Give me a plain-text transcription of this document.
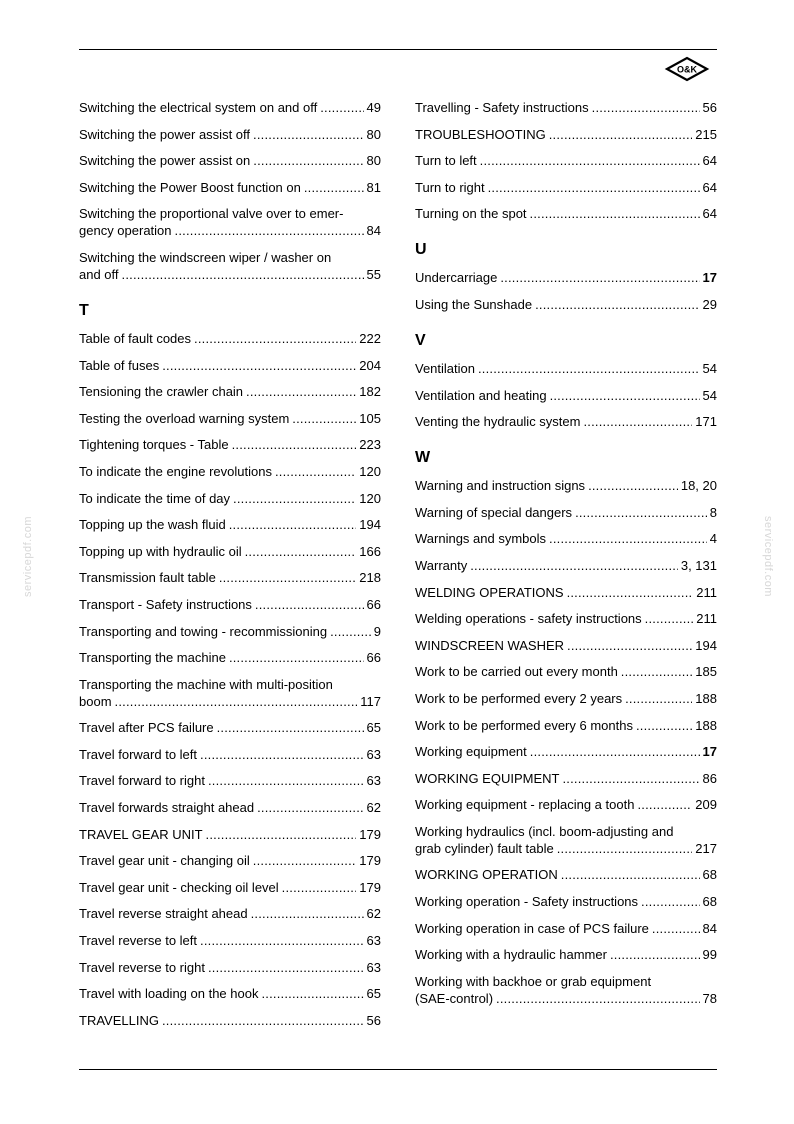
O&K
servicepdf.com	servicepdf.com
Switching the electrical system on and off .....	49
Switching the power assist off .....	80
Switching the power assist on .....	80
Switching the Power Boost function on .....	81
Switching the proportional valve over to emer-
gency operation .....	84
Switching the windscreen wiper / washer on
and off .....	55
T
Table of fault codes .....	222
Table of fuses .....	204
Tensioning the crawler chain .....	182
Testing the overload warning system .....	105
Tightening torques - Table .....	223
To indicate the engine revolutions .....	120
To indicate the time of day .....	120
Topping up the wash fluid .....	194
Topping up with hydraulic oil .....	166
Transmission fault table .....	218
Transport - Safety instructions .....	66
Transporting and towing - recommissioning .....	9
Transporting the machine .....	66
Transporting the machine with multi-position
boom .....	117
Travel after PCS failure .....	65
Travel forward to left .....	63
Travel forward to right .....	63
Travel forwards straight ahead .....	62
TRAVEL GEAR UNIT .....	179
Travel gear unit - changing oil .....	179
Travel gear unit - checking oil level .....	179
Travel reverse straight ahead .....	62
Travel reverse to left .....	63
Travel reverse to right .....	63
Travel with loading on the hook .....	65
TRAVELLING .....	56
Travelling - Safety instructions .....	56
TROUBLESHOOTING .....	215
Turn to left .....	64
Turn to right .....	64
Turning on the spot .....	64
U
Undercarriage .....	17
Using the Sunshade .....	29
V
Ventilation .....	54
Ventilation and heating .....	54
Venting the hydraulic system .....	171
W
Warning and instruction signs .....	18, 20
Warning of special dangers .....	8
Warnings and symbols .....	4
Warranty .....	3, 131
WELDING OPERATIONS .....	211
Welding operations - safety instructions .....	211
WINDSCREEN WASHER .....	194
Work to be carried out every month .....	185
Work to be performed every 2 years .....	188
Work to be performed every 6 months .....	188
Working equipment .....	17
WORKING EQUIPMENT .....	86
Working equipment - replacing a tooth .....	209
Working hydraulics (incl. boom-adjusting and
grab cylinder) fault table .....	217
WORKING OPERATION .....	68
Working operation - Safety instructions .....	68
Working operation in case of PCS failure .....	84
Working with a hydraulic hammer .....	99
Working with backhoe or grab equipment
(SAE-control) .....	78
